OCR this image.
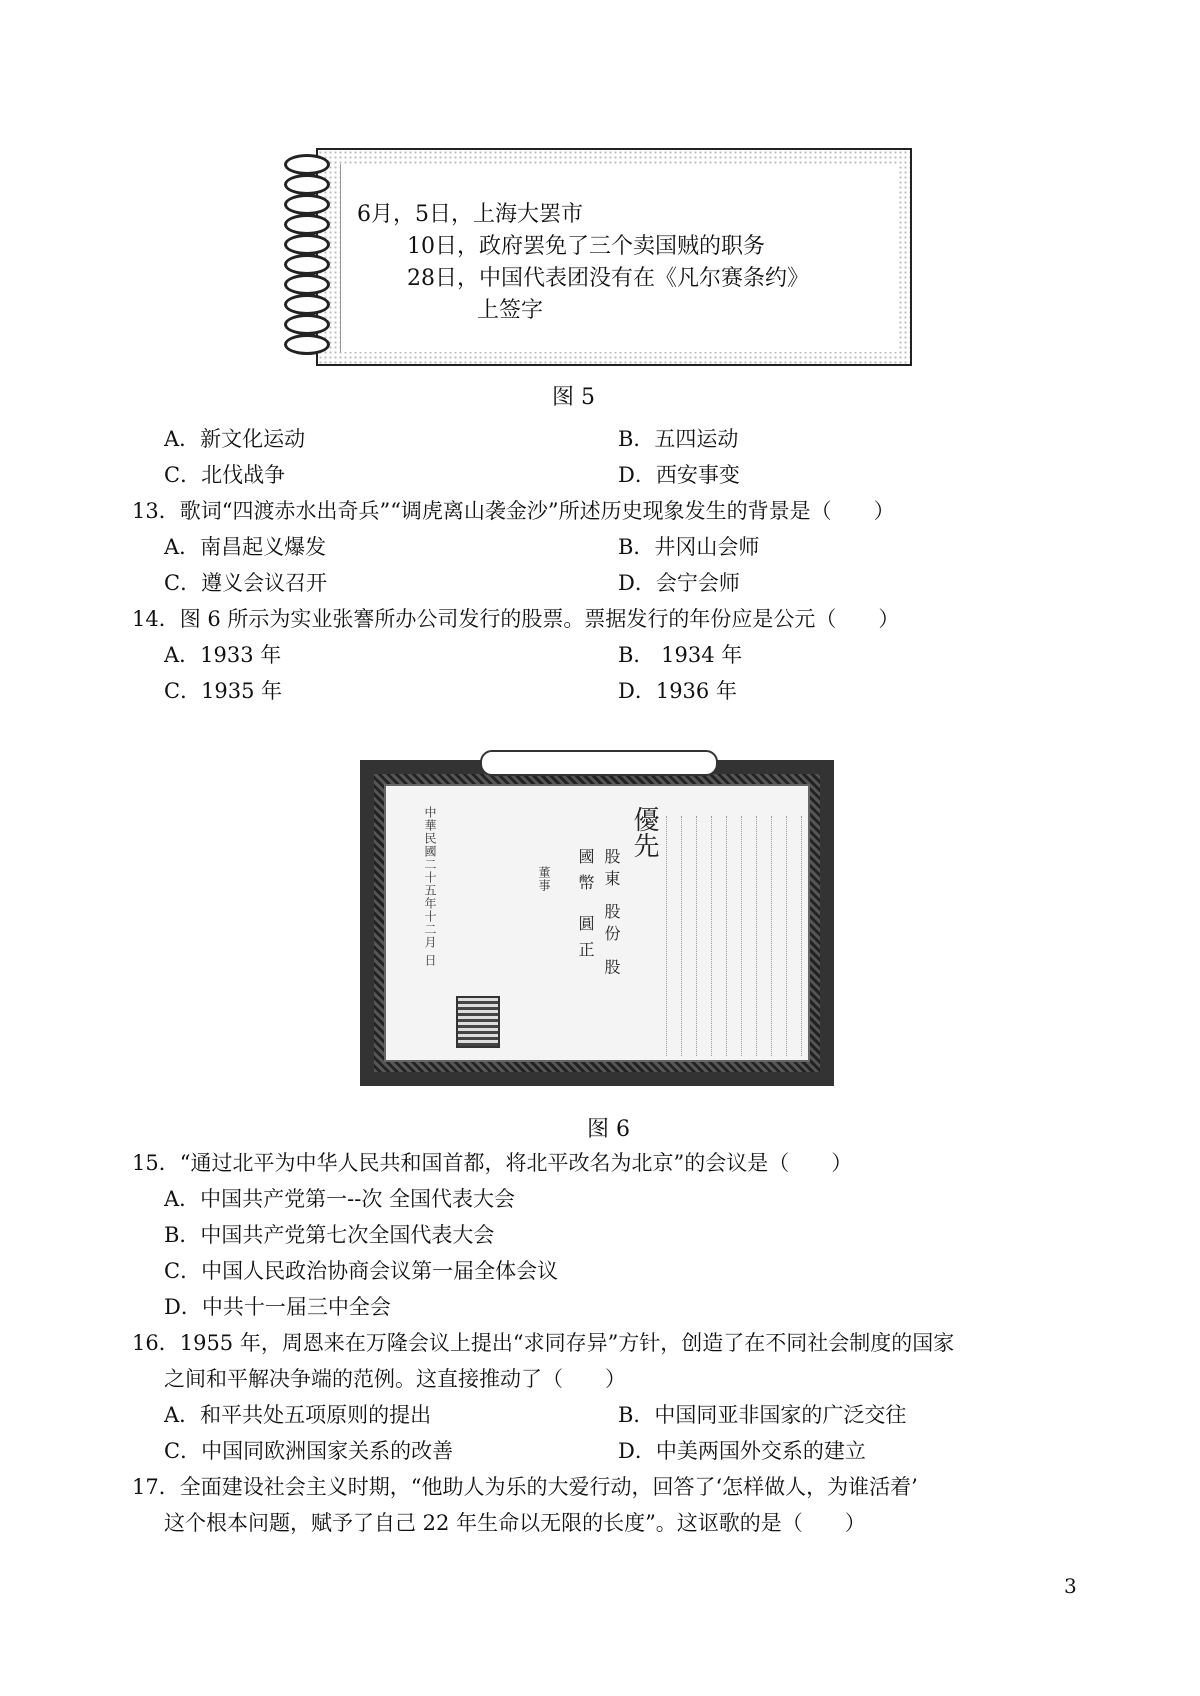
6月，5日，上海大罢市
10日，政府罢免了三个卖国贼的职务
28日，中国代表团没有在《凡尔赛条约》
上签字
图 5
A．新文化运动	B．五四运动
C．北伐战争	D．西安事变
13．歌词“四渡赤水出奇兵”“调虎离山袭金沙”所述历史现象发生的背景是（　　）
A．南昌起义爆发	B．井冈山会师
C．遵义会议召开	D．会宁会师
14．图 6 所示为实业张謇所办公司发行的股票。票据发行的年份应是公元（　　）
A．1933 年	B． 1934 年
C．1935 年	D．1936 年
優先
股東 股份 股
國幣 圓正
中華民國二十五年十二月 日	董事
图 6
15．“通过北平为中华人民共和国首都，将北平改名为北京”的会议是（　　）
A．中国共产党第一--次 全国代表大会
B．中国共产党第七次全国代表大会
C．中国人民政治协商会议第一届全体会议
D．中共十一届三中全会
16．1955 年，周恩来在万隆会议上提出“求同存异”方针，创造了在不同社会制度的国家
之间和平解决争端的范例。这直接推动了（　　）
A．和平共处五项原则的提出	B．中国同亚非国家的广泛交往
C．中国同欧洲国家关系的改善	D．中美两国外交系的建立
17．全面建设社会主义时期，“他助人为乐的大爱行动，回答了‘怎样做人，为谁活着’
这个根本问题，赋予了自己 22 年生命以无限的长度”。这讴歌的是（　　）
3
